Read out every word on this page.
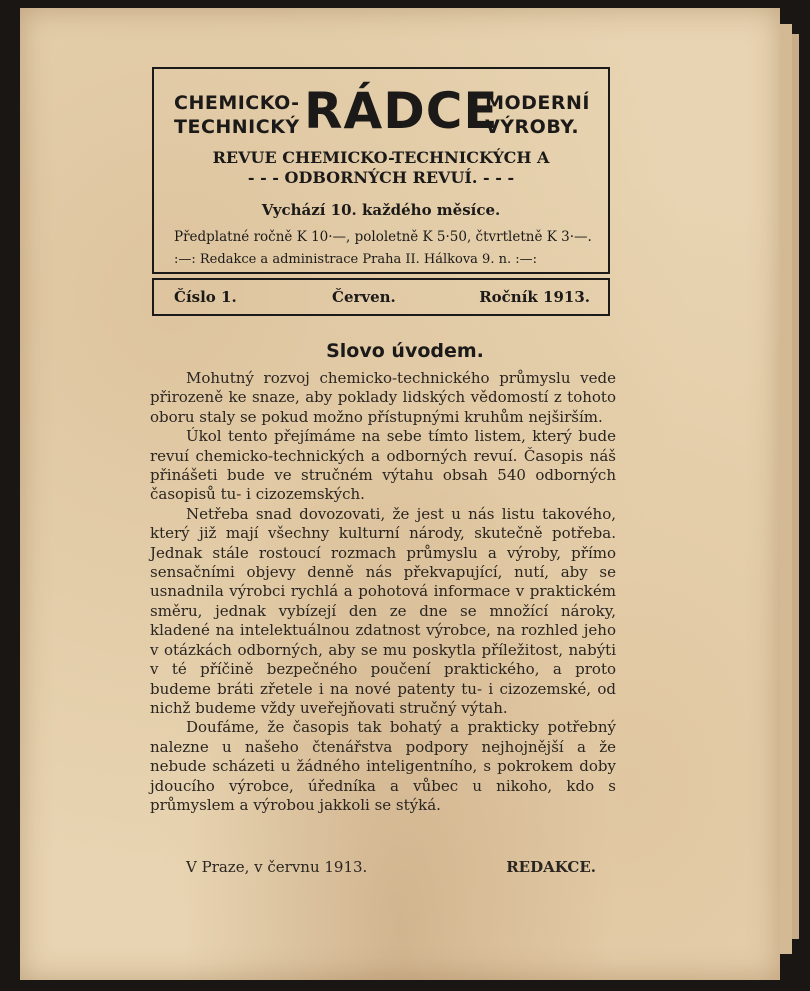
CHEMICKO-
TECHNICKÝ RÁDCE
MODERNÍ
VÝROBY.
REVUE CHEMICKO-TECHNICKÝCH A
- - - ODBORNÝCH REVUÍ. - - -
Vychází 10. každého měsíce.
Předplatné ročně K 10·—, pololetně K 5·50, čtvrtletně K 3·—.
:—: Redakce a administrace Praha II. Hálkova 9. n. :—:
Číslo 1.	Červen.	Ročník 1913.
Slovo úvodem.

Mohutný rozvoj chemicko-technického průmyslu vede přirozeně ke snaze, aby poklady lidských vědomostí z tohoto oboru staly se pokud možno přístupnými kruhům nejširším.

Úkol tento přejímáme na sebe tímto listem, který bude revuí chemicko-technických a odborných revuí. Časopis náš přinášeti bude ve stručném výtahu obsah 540 odborných časopisů tu- i cizozemských.

Netřeba snad dovozovati, že jest u nás listu takového, který již mají všechny kulturní národy, skutečně potřeba. Jednak stále rostoucí rozmach průmyslu a výroby, přímo sensačními objevy denně nás překvapující, nutí, aby se usnadnila výrobci rychlá a pohotová informace v praktickém směru, jednak vybízejí den ze dne se množící nároky, kladené na intelektuálnou zdatnost výrobce, na rozhled jeho v otázkách odborných, aby se mu poskytla příležitost, nabýti v té příčině bezpečného poučení praktického, a proto budeme bráti zřetele i na nové patenty tu- i cizozemské, od nichž budeme vždy uveřejňovati stručný výtah.

Doufáme, že časopis tak bohatý a prakticky potřebný nalezne u našeho čtenářstva podpory nejhojnější a že nebude scházeti u žádného inteligentního, s pokrokem doby jdoucího výrobce, úředníka a vůbec u nikoho, kdo s průmyslem a výrobou jakkoli se stýká.

V Praze, v červnu 1913.	REDAKCE.
